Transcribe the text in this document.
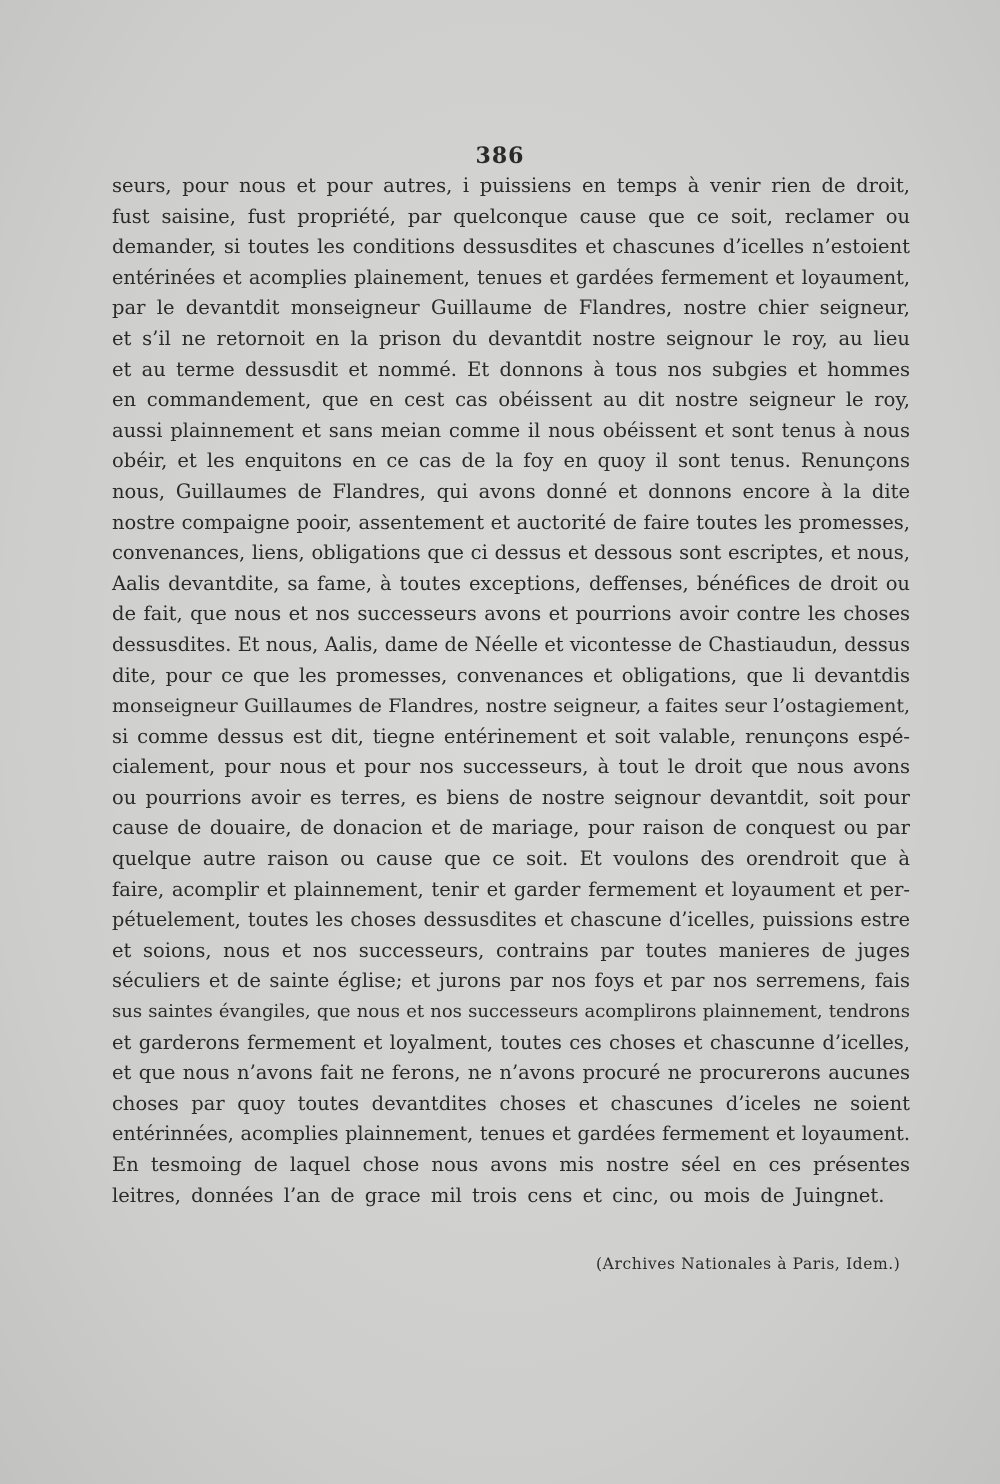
386
seurs, pour nous et pour autres, i puissiens en temps à venir rien de droit,
fust saisine, fust propriété, par quelconque cause que ce soit, reclamer ou
demander, si toutes les conditions dessusdites et chascunes d’icelles n’estoient
entérinées et acomplies plainement, tenues et gardées fermement et loyaument,
par le devantdit monseigneur Guillaume de Flandres, nostre chier seigneur,
et s’il ne retornoit en la prison du devantdit nostre seignour le roy, au lieu
et au terme dessusdit et nommé. Et donnons à tous nos subgies et hommes
en commandement, que en cest cas obéissent au dit nostre seigneur le roy,
aussi plainnement et sans meian comme il nous obéissent et sont tenus à nous
obéir, et les enquitons en ce cas de la foy en quoy il sont tenus. Renunçons
nous, Guillaumes de Flandres, qui avons donné et donnons encore à la dite
nostre compaigne pooir, assentement et auctorité de faire toutes les promesses,
convenances, liens, obligations que ci dessus et dessous sont escriptes, et nous,
Aalis devantdite, sa fame, à toutes exceptions, deffenses, bénéfices de droit ou
de fait, que nous et nos successeurs avons et pourrions avoir contre les choses
dessusdites. Et nous, Aalis, dame de Néelle et vicontesse de Chastiaudun, dessus
dite, pour ce que les promesses, convenances et obligations, que li devantdis
monseigneur Guillaumes de Flandres, nostre seigneur, a faites seur l’ostagiement,
si comme dessus est dit, tiegne entérinement et soit valable, renunçons espé-
cialement, pour nous et pour nos successeurs, à tout le droit que nous avons
ou pourrions avoir es terres, es biens de nostre seignour devantdit, soit pour
cause de douaire, de donacion et de mariage, pour raison de conquest ou par
quelque autre raison ou cause que ce soit. Et voulons des orendroit que à
faire, acomplir et plainnement, tenir et garder fermement et loyaument et per-
pétuelement, toutes les choses dessusdites et chascune d’icelles, puissions estre
et soions, nous et nos successeurs, contrains par toutes manieres de juges
séculiers et de sainte église; et jurons par nos foys et par nos serremens, fais
sus saintes évangiles, que nous et nos successeurs acomplirons plainnement, tendrons
et garderons fermement et loyalment, toutes ces choses et chascunne d’icelles,
et que nous n’avons fait ne ferons, ne n’avons procuré ne procurerons aucunes
choses par quoy toutes devantdites choses et chascunes d’iceles ne soient
entérinnées, acomplies plainnement, tenues et gardées fermement et loyaument.
En tesmoing de laquel chose nous avons mis nostre séel en ces présentes
leitres, données l’an de grace mil trois cens et cinc, ou mois de Juingnet.
(Archives Nationales à Paris, Idem.)
